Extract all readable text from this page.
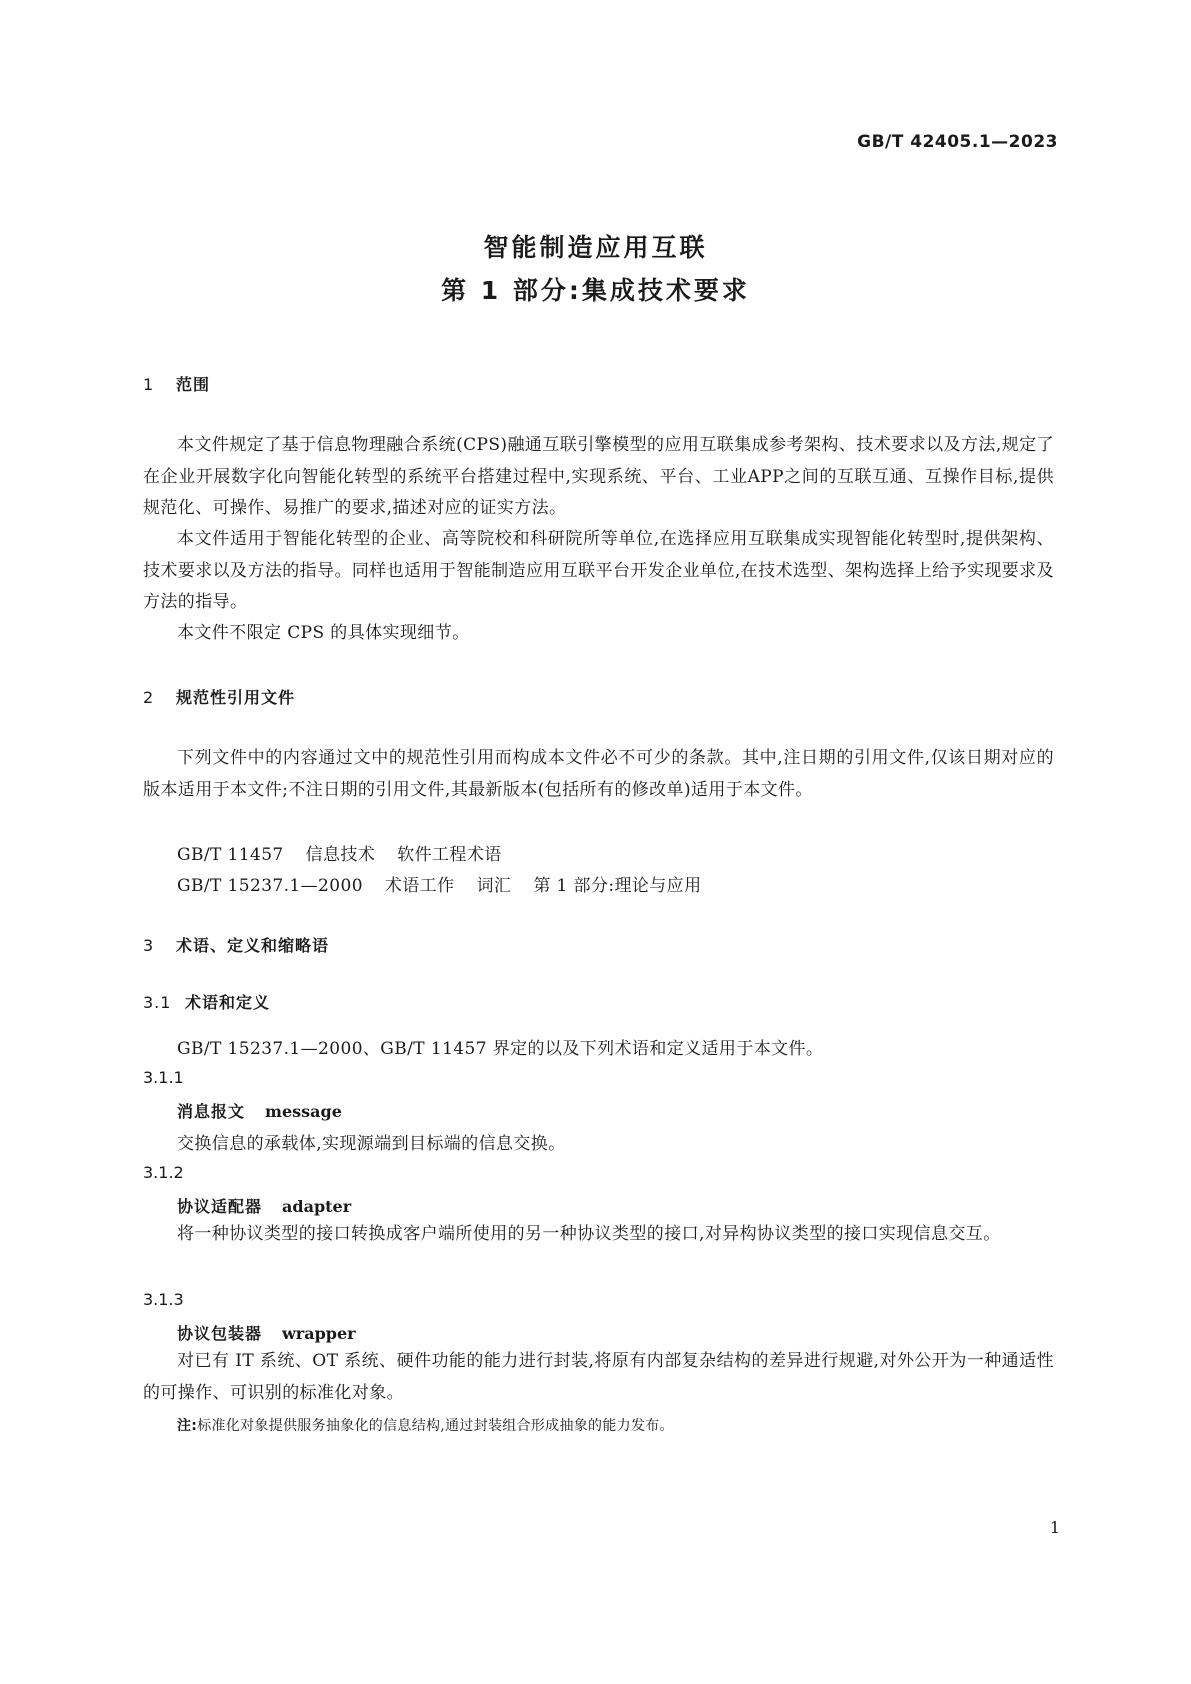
GB/T 42405.1—2023
智能制造应用互联
第 1 部分:集成技术要求
1 范围
本文件规定了基于信息物理融合系统(CPS)融通互联引擎模型的应用互联集成参考架构、技术要求以及方法,规定了在企业开展数字化向智能化转型的系统平台搭建过程中,实现系统、平台、工业APP之间的互联互通、互操作目标,提供规范化、可操作、易推广的要求,描述对应的证实方法。
本文件适用于智能化转型的企业、高等院校和科研院所等单位,在选择应用互联集成实现智能化转型时,提供架构、技术要求以及方法的指导。同样也适用于智能制造应用互联平台开发企业单位,在技术选型、架构选择上给予实现要求及方法的指导。
本文件不限定 CPS 的具体实现细节。
2 规范性引用文件
下列文件中的内容通过文中的规范性引用而构成本文件必不可少的条款。其中,注日期的引用文件,仅该日期对应的版本适用于本文件;不注日期的引用文件,其最新版本(包括所有的修改单)适用于本文件。
GB/T 11457 信息技术 软件工程术语
GB/T 15237.1—2000 术语工作 词汇 第 1 部分:理论与应用
3 术语、定义和缩略语
3.1 术语和定义
GB/T 15237.1—2000、GB/T 11457 界定的以及下列术语和定义适用于本文件。
3.1.1
消息报文 message
交换信息的承载体,实现源端到目标端的信息交换。
3.1.2
协议适配器 adapter
将一种协议类型的接口转换成客户端所使用的另一种协议类型的接口,对异构协议类型的接口实现信息交互。
3.1.3
协议包装器 wrapper
对已有 IT 系统、OT 系统、硬件功能的能力进行封装,将原有内部复杂结构的差异进行规避,对外公开为一种通适性的可操作、可识别的标准化对象。
注:标准化对象提供服务抽象化的信息结构,通过封装组合形成抽象的能力发布。
1
